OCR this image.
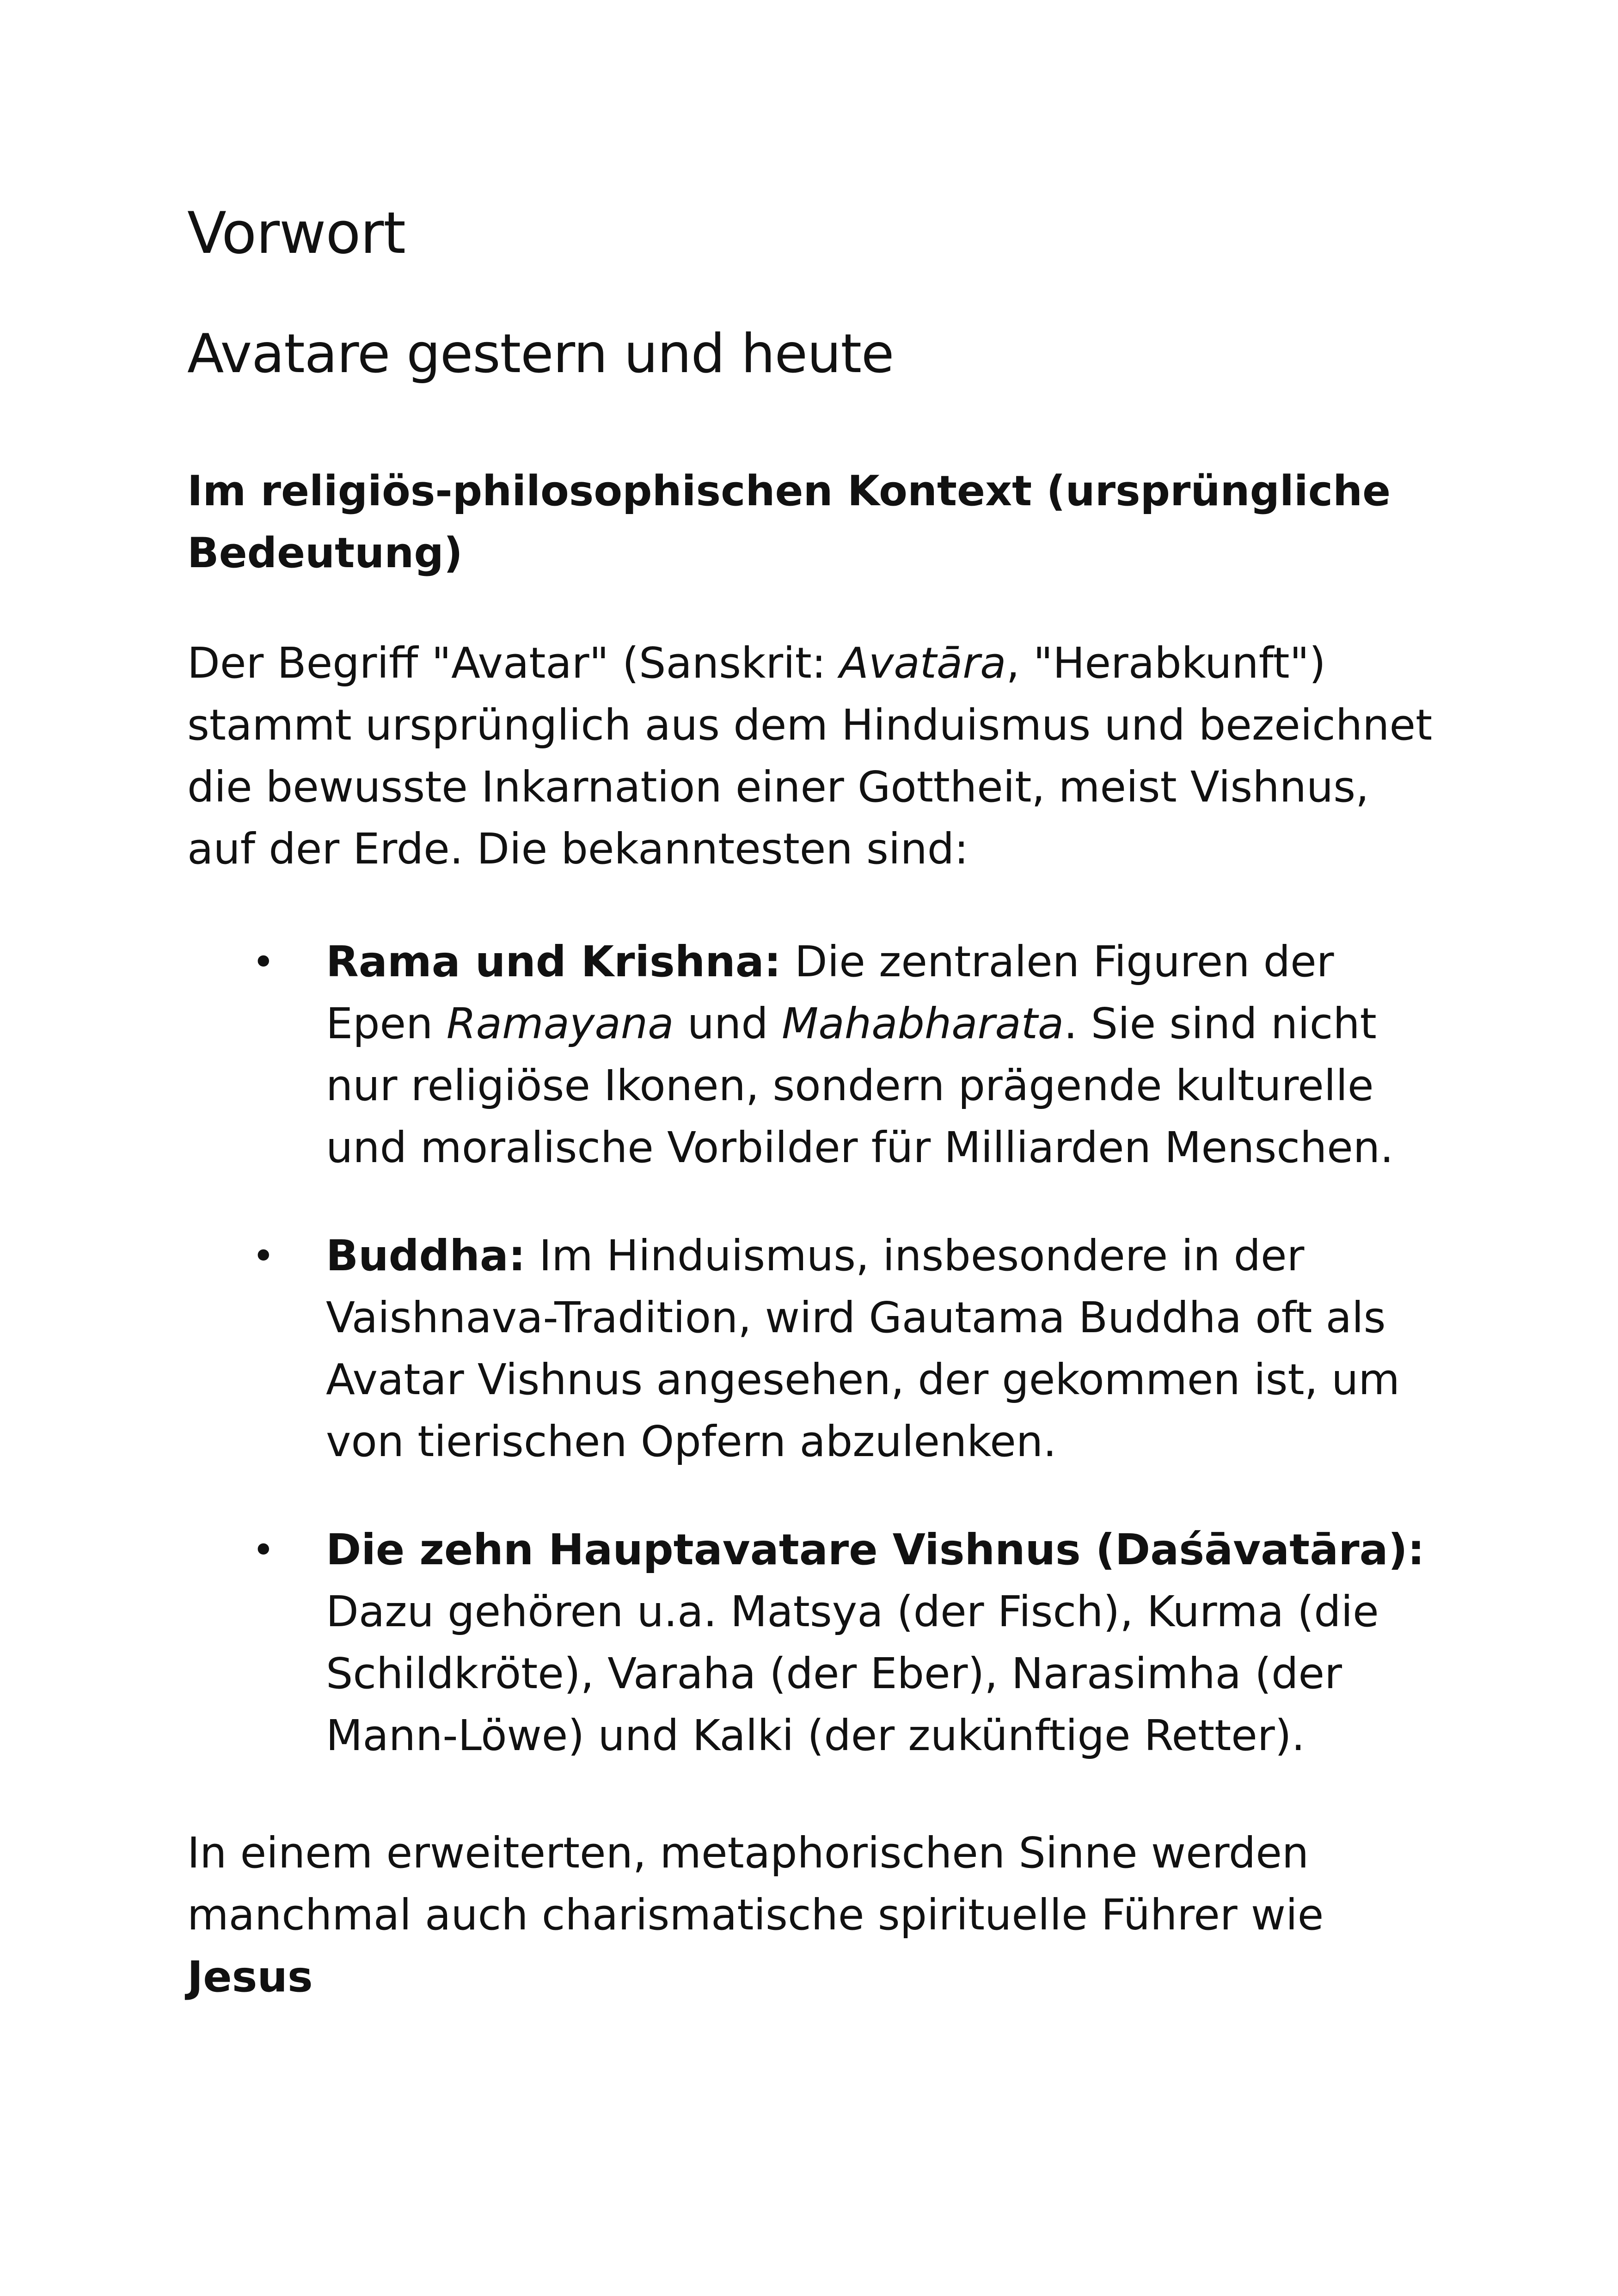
Vorwort
Avatare gestern und heute
Im religiös-philosophischen Kontext (ursprüngliche Bedeutung)

Der Begriff "Avatar" (Sanskrit: Avatāra, "Herabkunft") stammt ursprünglich aus dem Hinduismus und bezeichnet die bewusste Inkarnation einer Gottheit, meist Vishnus, auf der Erde. Die bekanntesten sind:

• Rama und Krishna: Die zentralen Figuren der Epen Ramayana und Mahabharata. Sie sind nicht nur religiöse Ikonen, sondern prägende kulturelle und moralische Vorbilder für Milliarden Menschen.
• Buddha: Im Hinduismus, insbesondere in der Vaishnava-Tradition, wird Gautama Buddha oft als Avatar Vishnus angesehen, der gekommen ist, um von tierischen Opfern abzulenken.
• Die zehn Hauptavatare Vishnus (Daśāvatāra): Dazu gehören u.a. Matsya (der Fisch), Kurma (die Schildkröte), Varaha (der Eber), Narasimha (der Mann-Löwe) und Kalki (der zukünftige Retter).

In einem erweiterten, metaphorischen Sinne werden manchmal auch charismatische spirituelle Führer wie Jesus
